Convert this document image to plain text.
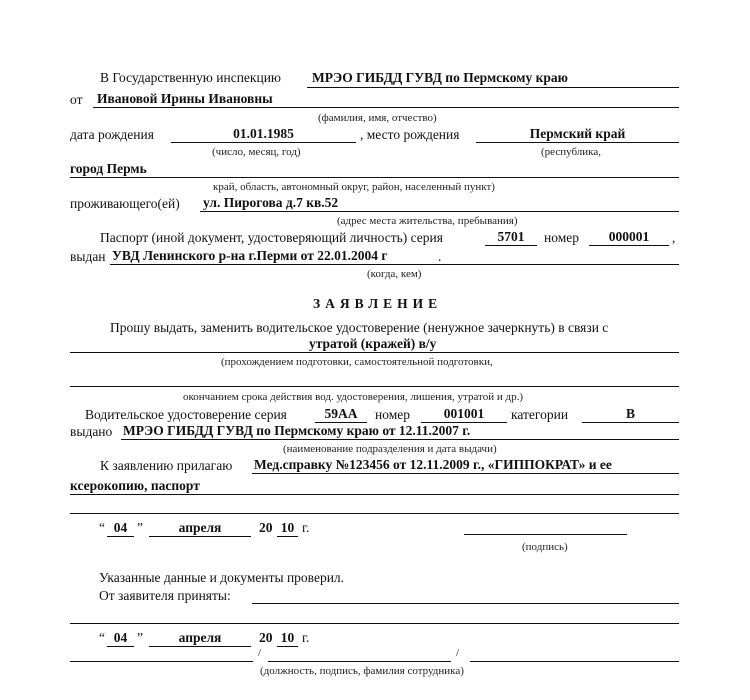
В Государственную инспекцию МРЭО ГИБДД ГУВД по Пермскому краю
от Ивановой Ирины Ивановны
(фамилия, имя, отчество)
дата рождения	01.01.1985	, место рождения	Пермский край
(число, месяц, год)	(республика,
город Пермь
край, область, автономный округ, район, населенный пункт)
проживающего(ей) ул. Пирогова д.7 кв.52
(адрес места жительства, пребывания)
Паспорт (иной документ, удостоверяющий личность) серия	5701	номер	000001	,
выдан УВД Ленинского р-на г.Перми от 22.01.2004 г	.
(когда, кем)
ЗАЯВЛЕНИЕ
Прошу выдать, заменить водительское удостоверение (ненужное зачеркнуть) в связи с
утратой (кражей) в/у
(прохождением подготовки, самостоятельной подготовки,
окончанием срока действия вод. удостоверения, лишения, утратой и др.)
Водительское удостоверение серия	59АА	номер	001001	категории	В
выдано МРЭО ГИБДД ГУВД по Пермскому краю от 12.11.2007 г.
(наименование подразделения и дата выдачи)
К заявлению прилагаю Мед.справку №123456 от 12.11.2009 г., «ГИППОКРАТ» и ее
ксерокопию, паспорт
“ 04 ”	апреля	20 10 г.
(подпись)
Указанные данные и документы проверил.
От заявителя приняты:
“ 04 ”	апреля	20 10 г.
/	/
(должность, подпись, фамилия сотрудника)
